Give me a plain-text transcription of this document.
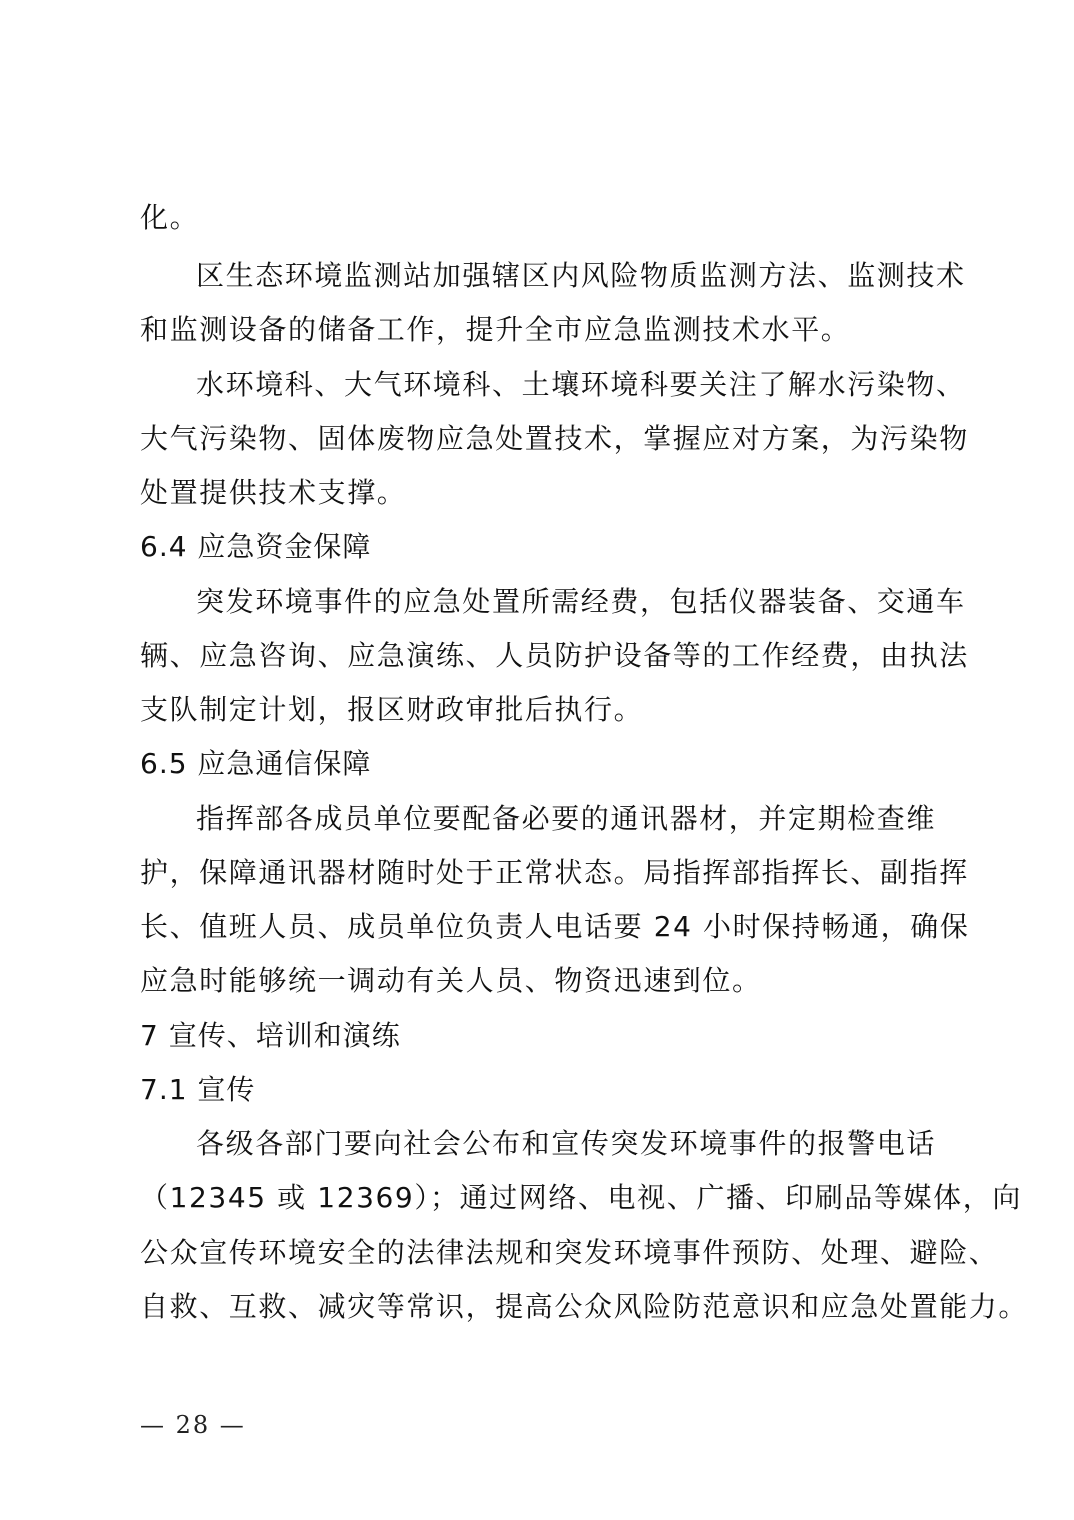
化。
区生态环境监测站加强辖区内风险物质监测方法、监测技术
和监测设备的储备工作，提升全市应急监测技术水平。
水环境科、大气环境科、土壤环境科要关注了解水污染物、
大气污染物、固体废物应急处置技术，掌握应对方案，为污染物
处置提供技术支撑。
6.4 应急资金保障
突发环境事件的应急处置所需经费，包括仪器装备、交通车
辆、应急咨询、应急演练、人员防护设备等的工作经费，由执法
支队制定计划，报区财政审批后执行。
6.5 应急通信保障
指挥部各成员单位要配备必要的通讯器材，并定期检查维
护，保障通讯器材随时处于正常状态。局指挥部指挥长、副指挥
长、值班人员、成员单位负责人电话要 24 小时保持畅通，确保
应急时能够统一调动有关人员、物资迅速到位。
7 宣传、培训和演练
7.1 宣传
各级各部门要向社会公布和宣传突发环境事件的报警电话
（12345 或 12369）；通过网络、电视、广播、印刷品等媒体，向
公众宣传环境安全的法律法规和突发环境事件预防、处理、避险、
自救、互救、减灾等常识，提高公众风险防范意识和应急处置能力。
— 28 —
